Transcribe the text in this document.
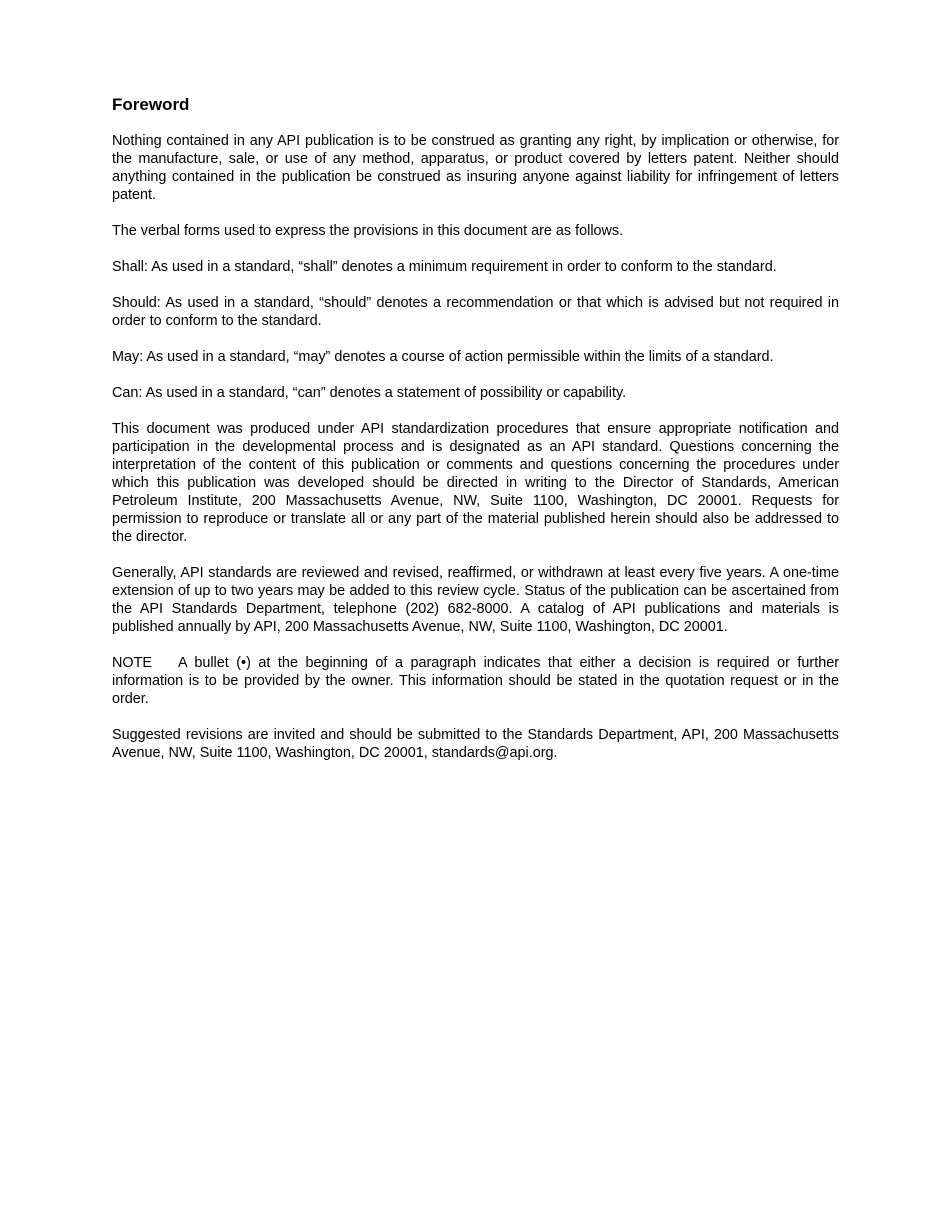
Foreword

Nothing contained in any API publication is to be construed as granting any right, by implication or otherwise, for the manufacture, sale, or use of any method, apparatus, or product covered by letters patent. Neither should anything contained in the publication be construed as insuring anyone against liability for infringement of letters patent.

The verbal forms used to express the provisions in this document are as follows.

Shall: As used in a standard, “shall” denotes a minimum requirement in order to conform to the standard.

Should: As used in a standard, “should” denotes a recommendation or that which is advised but not required in order to conform to the standard.

May: As used in a standard, “may” denotes a course of action permissible within the limits of a standard.

Can: As used in a standard, “can” denotes a statement of possibility or capability.

This document was produced under API standardization procedures that ensure appropriate notification and participation in the developmental process and is designated as an API standard. Questions concerning the interpretation of the content of this publication or comments and questions concerning the procedures under which this publication was developed should be directed in writing to the Director of Standards, American Petroleum Institute, 200 Massachusetts Avenue, NW, Suite 1100, Washington, DC 20001. Requests for permission to reproduce or translate all or any part of the material published herein should also be addressed to the director.

Generally, API standards are reviewed and revised, reaffirmed, or withdrawn at least every five years. A one-time extension of up to two years may be added to this review cycle. Status of the publication can be ascertained from the API Standards Department, telephone (202) 682-8000. A catalog of API publications and materials is published annually by API, 200 Massachusetts Avenue, NW, Suite 1100, Washington, DC 20001.

NOTE A bullet (•) at the beginning of a paragraph indicates that either a decision is required or further information is to be provided by the owner. This information should be stated in the quotation request or in the order.

Suggested revisions are invited and should be submitted to the Standards Department, API, 200 Massachusetts Avenue, NW, Suite 1100, Washington, DC 20001, standards@api.org.
